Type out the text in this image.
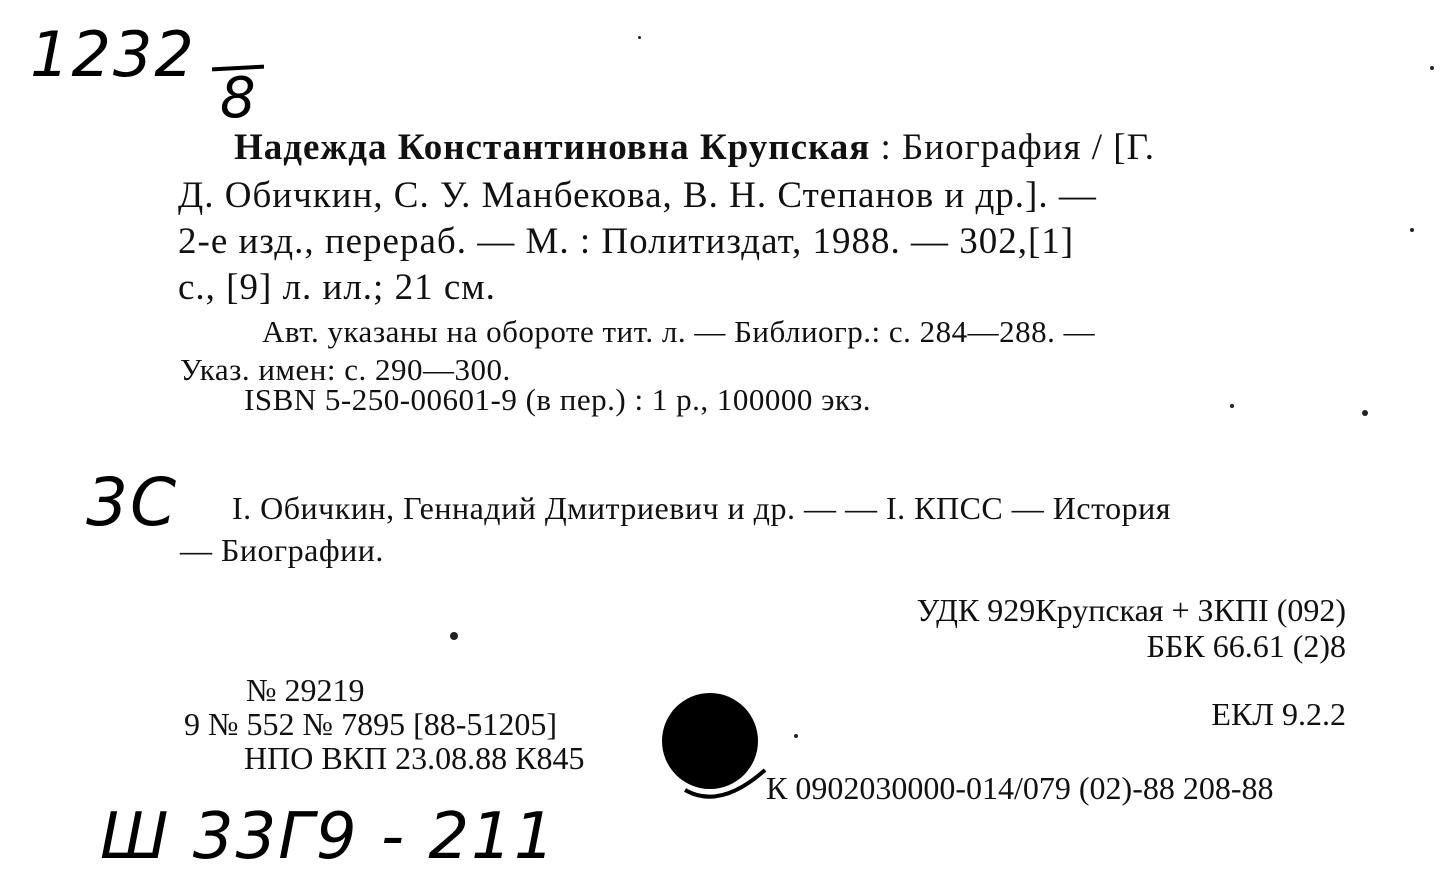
1232
8
Надежда Константиновна Крупская : Биография / [Г.
Д. Обичкин, С. У. Манбекова, В. Н. Степанов и др.]. —
2-е изд., перераб. — М. : Политиздат, 1988. — 302,[1]
с., [9] л. ил.; 21 см.
Авт. указаны на обороте тит. л. — Библиогр.: с. 284—288. —
Указ. имен: с. 290—300.
ISBN 5-250-00601-9 (в пер.) : 1 р., 100000 экз.
3С I. Обичкин, Геннадий Дмитриевич и др. — — I. КПСС — История
— Биографии.
УДК 929Крупская + ЗКПI (092)
ББК 66.61 (2)8
ЕКЛ 9.2.2
№ 29219
9 № 552 № 7895 [88-51205]
НПО ВКП 23.08.88 К845
К 0902030000-014/079 (02)-88 208-88
Ш 33Г9 - 211
